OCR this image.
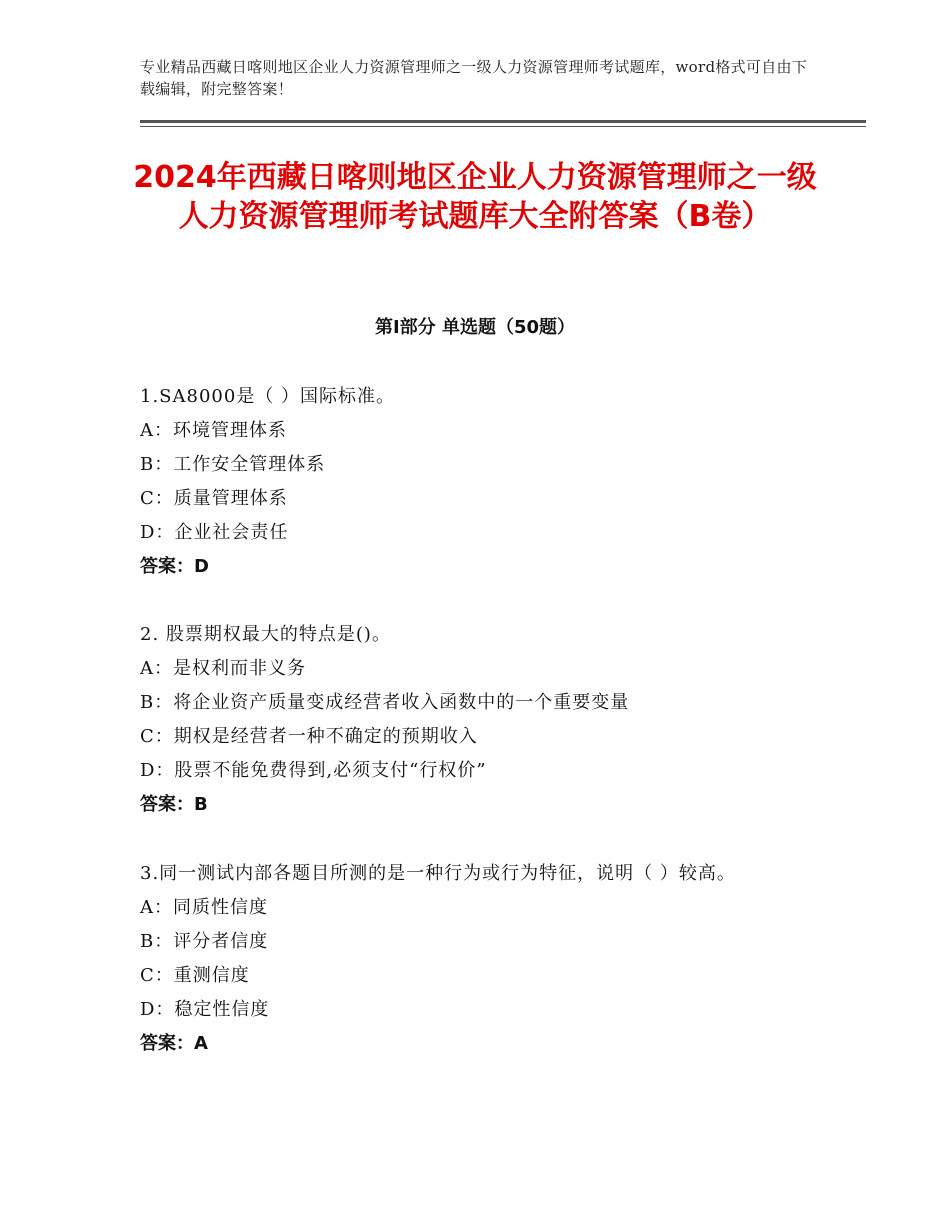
专业精品西藏日喀则地区企业人力资源管理师之一级人力资源管理师考试题库，word格式可自由下载编辑，附完整答案！
2024年西藏日喀则地区企业人力资源管理师之一级人力资源管理师考试题库大全附答案（B卷）
第Ⅰ部分 单选题（50题）
1.SA8000是（ ）国际标准。
A：环境管理体系
B：工作安全管理体系
C：质量管理体系
D：企业社会责任
答案：D
2. 股票期权最大的特点是()。
A：是权利而非义务
B：将企业资产质量变成经营者收入函数中的一个重要变量
C：期权是经营者一种不确定的预期收入
D：股票不能免费得到,必须支付“行权价”
答案：B
3.同一测试内部各题目所测的是一种行为或行为特征，说明（ ）较高。
A：同质性信度
B：评分者信度
C：重测信度
D：稳定性信度
答案：A
